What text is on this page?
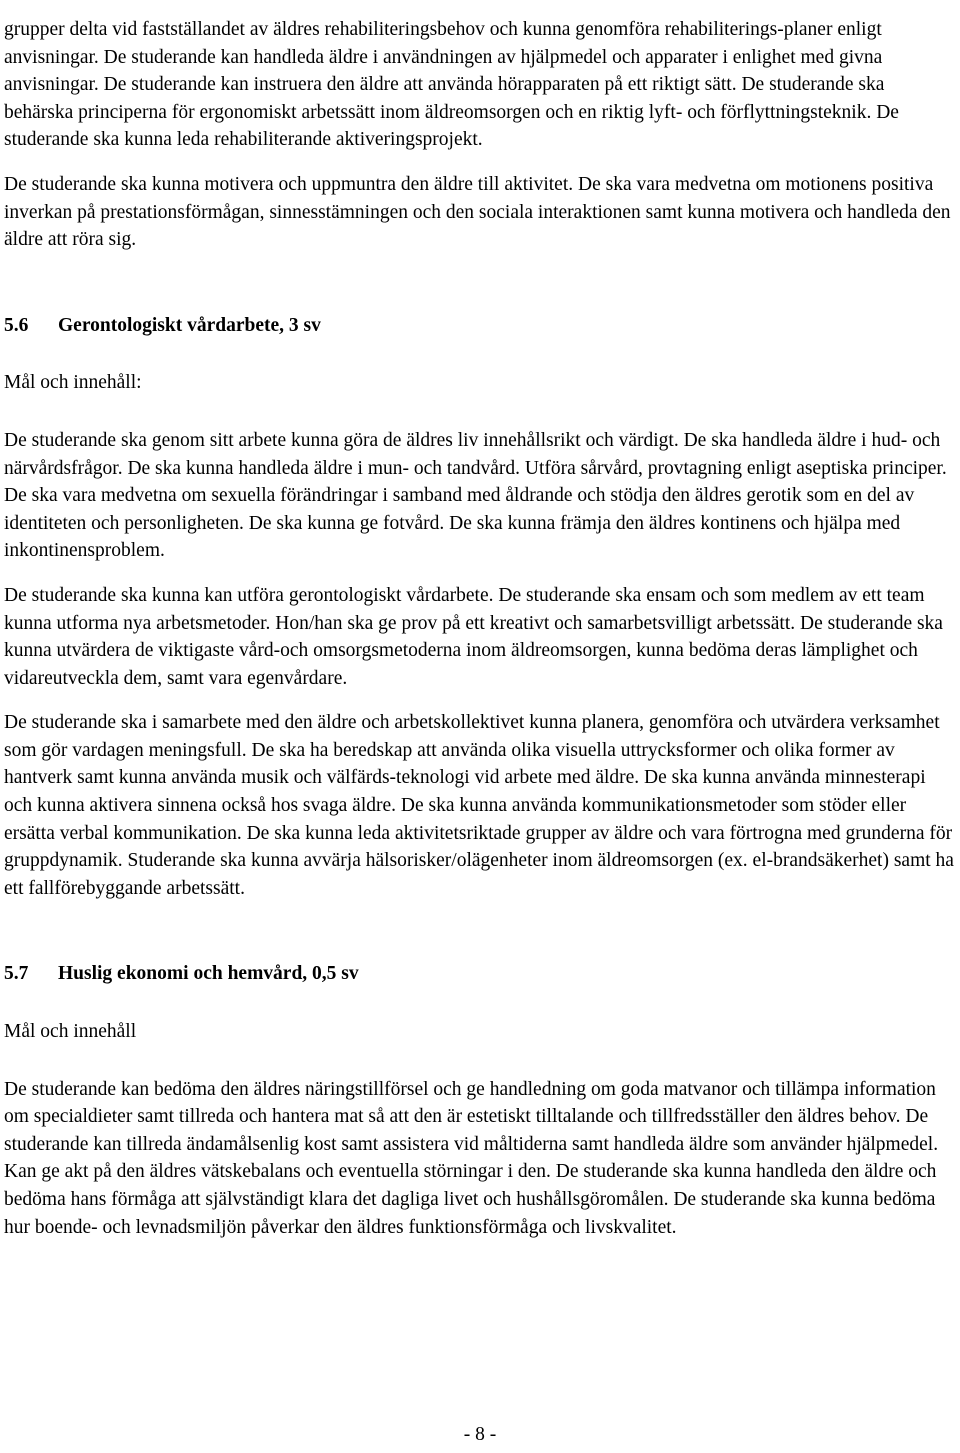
grupper delta vid fastställandet av äldres rehabiliteringsbehov och kunna genomföra rehabiliterings-planer enligt anvisningar. De studerande kan handleda äldre i användningen av hjälpmedel och apparater i enlighet med givna anvisningar. De studerande kan instruera den äldre att använda hörapparaten på ett riktigt sätt. De studerande ska behärska principerna för ergonomiskt arbetssätt inom äldreomsorgen och en riktig lyft- och förflyttningsteknik. De studerande ska kunna leda rehabiliterande aktiveringsprojekt.

De studerande ska kunna motivera och uppmuntra den äldre till aktivitet. De ska vara medvetna om motionens positiva inverkan på prestationsförmågan, sinnesstämningen och den sociala interaktionen samt kunna motivera och handleda den äldre att röra sig.

5.6 Gerontologiskt vårdarbete, 3 sv

Mål och innehåll:

De studerande ska genom sitt arbete kunna göra de äldres liv innehållsrikt och värdigt. De ska handleda äldre i hud- och närvårdsfrågor. De ska kunna handleda äldre i mun- och tandvård. Utföra sårvård, provtagning enligt aseptiska principer. De ska vara medvetna om sexuella förändringar i samband med åldrande och stödja den äldres gerotik som en del av identiteten och personligheten. De ska kunna ge fotvård. De ska kunna främja den äldres kontinens och hjälpa med inkontinensproblem.

De studerande ska kunna kan utföra gerontologiskt vårdarbete. De studerande ska ensam och som medlem av ett team kunna utforma nya arbetsmetoder. Hon/han ska ge prov på ett kreativt och samarbetsvilligt arbetssätt. De studerande ska kunna utvärdera de viktigaste vård-och omsorgsmetoderna inom äldreomsorgen, kunna bedöma deras lämplighet och vidareutveckla dem, samt vara egenvårdare.

De studerande ska i samarbete med den äldre och arbetskollektivet kunna planera, genomföra och utvärdera verksamhet som gör vardagen meningsfull. De ska ha beredskap att använda olika visuella uttrycksformer och olika former av hantverk samt kunna använda musik och välfärds-teknologi vid arbete med äldre. De ska kunna använda minnesterapi och kunna aktivera sinnena också hos svaga äldre. De ska kunna använda kommunikationsmetoder som stöder eller ersätta verbal kommunikation. De ska kunna leda aktivitetsriktade grupper av äldre och vara förtrogna med grunderna för gruppdynamik. Studerande ska kunna avvärja hälsorisker/olägenheter inom äldreomsorgen (ex. el-brandsäkerhet) samt ha ett fallförebyggande arbetssätt.

5.7 Huslig ekonomi och hemvård, 0,5 sv

Mål och innehåll

De studerande kan bedöma den äldres näringstillförsel och ge handledning om goda matvanor och tillämpa information om specialdieter samt tillreda och hantera mat så att den är estetiskt tilltalande och tillfredsställer den äldres behov. De studerande kan tillreda ändamålsenlig kost samt assistera vid måltiderna samt handleda äldre som använder hjälpmedel. Kan ge akt på den äldres vätskebalans och eventuella störningar i den. De studerande ska kunna handleda den äldre och bedöma hans förmåga att självständigt klara det dagliga livet och hushållsgöromålen. De studerande ska kunna bedöma hur boende- och levnadsmiljön påverkar den äldres funktionsförmåga och livskvalitet.

- 8 -
